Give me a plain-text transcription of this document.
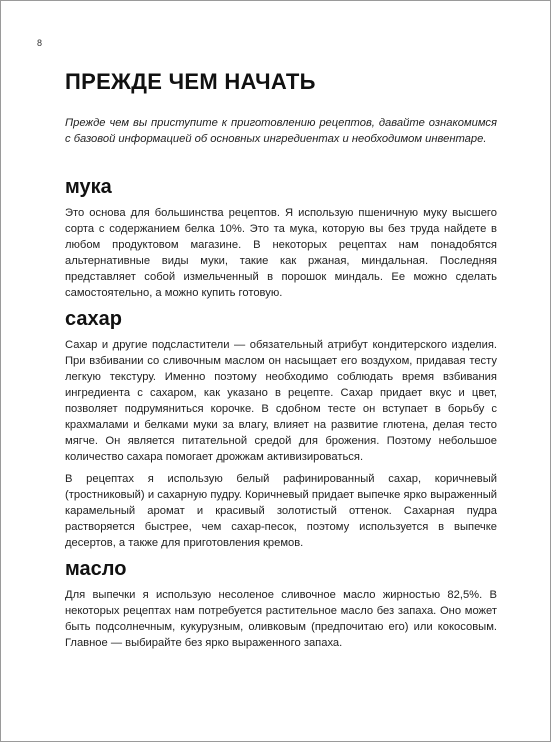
8
ПРЕЖДЕ ЧЕМ НАЧАТЬ

Прежде чем вы приступите к приготовлению рецептов, давайте ознакомимся с базовой информацией об основных ингредиентах и необходимом инвентаре.

мука

Это основа для большинства рецептов. Я использую пшеничную муку высшего сорта с содержанием белка 10%. Это та мука, которую вы без труда найдете в любом продуктовом магазине. В некоторых рецептах нам понадобятся альтернативные виды муки, такие как ржаная, миндальная. Последняя представляет собой измельченный в порошок миндаль. Ее можно сделать самостоятельно, а можно купить готовую.

сахар

Сахар и другие подсластители — обязательный атрибут кондитерского изделия. При взбивании со сливочным маслом он насыщает его воздухом, придавая тесту легкую текстуру. Именно поэтому необходимо соблюдать время взбивания ингредиента с сахаром, как указано в рецепте. Сахар придает вкус и цвет, позволяет подрумяниться корочке. В сдобном тесте он вступает в борьбу с крахмалами и белками муки за влагу, влияет на развитие глютена, делая тесто мягче. Он является питательной средой для брожения. Поэтому небольшое количество сахара помогает дрожжам активизироваться.

В рецептах я использую белый рафинированный сахар, коричневый (тростниковый) и сахарную пудру. Коричневый придает выпечке ярко выраженный карамельный аромат и красивый золотистый оттенок. Сахарная пудра растворяется быстрее, чем сахар-песок, поэтому используется в выпечке десертов, а также для приготовления кремов.

масло

Для выпечки я использую несоленое сливочное масло жирностью 82,5%. В некоторых рецептах нам потребуется растительное масло без запаха. Оно может быть подсолнечным, кукурузным, оливковым (предпочитаю его) или кокосовым. Главное — выбирайте без ярко выраженного запаха.
